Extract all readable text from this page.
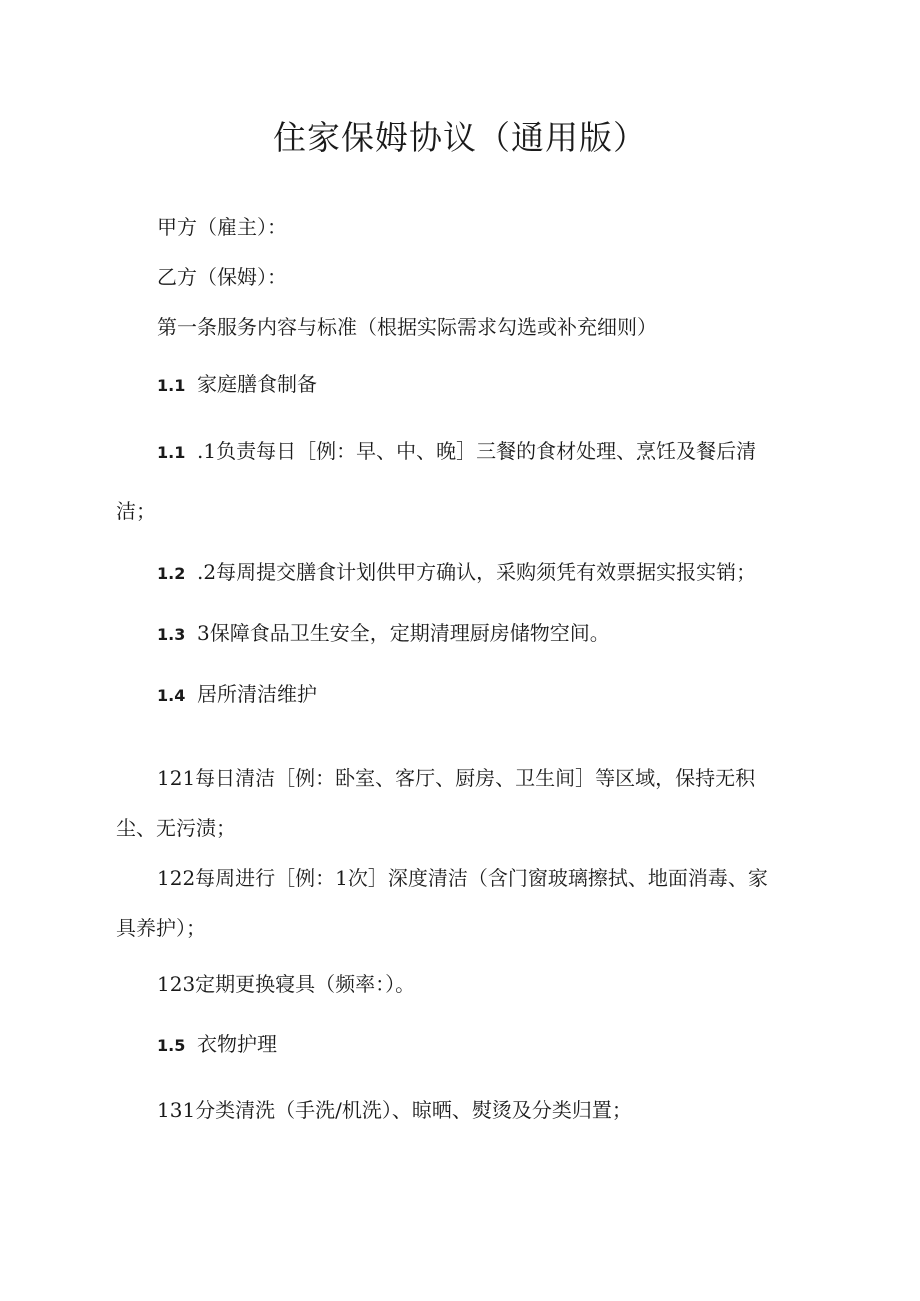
住家保姆协议（通用版）

甲方（雇主）：

乙方（保姆）：

第一条服务内容与标准（根据实际需求勾选或补充细则）

1.1 家庭膳食制备

1.1 .1负责每日［例：早、中、晚］三餐的食材处理、烹饪及餐后清

洁；

1.2 .2每周提交膳食计划供甲方确认，采购须凭有效票据实报实销；

1.3 3保障食品卫生安全，定期清理厨房储物空间。

1.4 居所清洁维护

121每日清洁［例：卧室、客厅、厨房、卫生间］等区域，保持无积

尘、无污渍；

122每周进行［例：1次］深度清洁（含门窗玻璃擦拭、地面消毒、家

具养护）；

123定期更换寝具（频率：）。

1.5 衣物护理

131分类清洗（手洗/机洗）、晾晒、熨烫及分类归置；
